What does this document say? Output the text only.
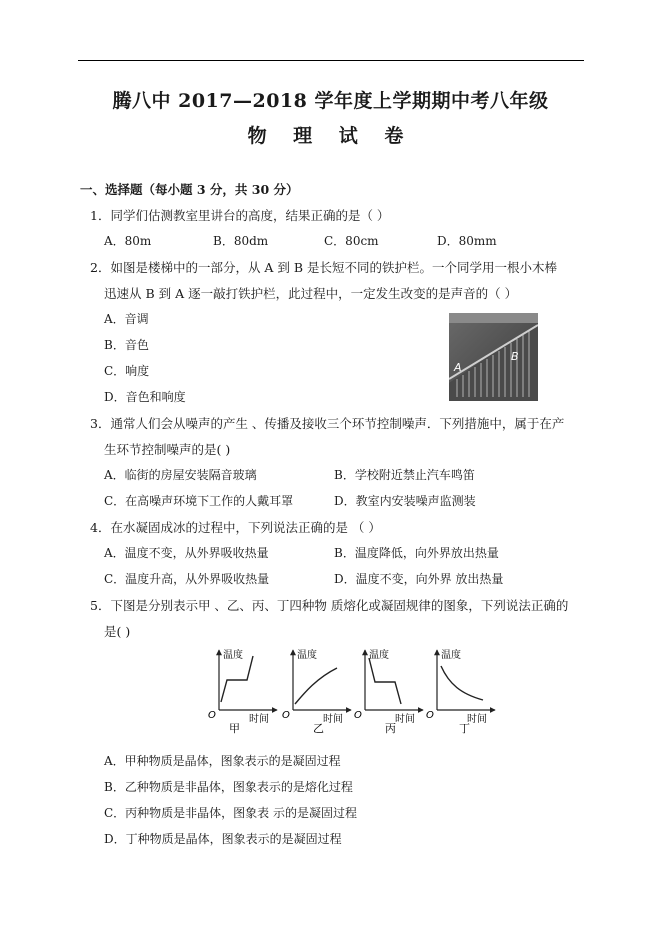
腾八中 2017—2018 学年度上学期期中考八年级
物 理 试 卷
一、选择题（每小题 3 分，共 30 分）
1．同学们估测教室里讲台的高度，结果正确的是（ ）
A．80m	B．80dm	C．80cm	D．80mm
2．如图是楼梯中的一部分，从 A 到 B 是长短不同的铁护栏。一个同学用一根小木棒
迅速从 B 到 A 逐一敲打铁护栏，此过程中，一定发生改变的是声音的（ ）
A．音调
B．音色
C．响度
D．音色和响度
A
B
3．通常人们会从噪声的产生 、传播及接收三个环节控制噪声．下列措施中，属于在产
生环节控制噪声的是( )
A．临街的房屋安装隔音玻璃	B．学校附近禁止汽车鸣笛
C．在高噪声环境下工作的人戴耳罩	D．教室内安装噪声监测装
4．在水凝固成冰的过程中，下列说法正确的是 （ ）
A．温度不变，从外界吸收热量	B．温度降低，向外界放出热量
C．温度升高，从外界吸收热量	D．温度不变，向外界 放出热量
5．下图是分别表示甲 、乙、丙、丁四种物 质熔化或凝固规律的图象，下列说法正确的
是( )
温度
O	时间
甲
温度
O	时间
乙
温度
O	时间
丙
温度
O	时间
丁
A．甲种物质是晶体，图象表示的是凝固过程
B．乙种物质是非晶体，图象表示的是熔化过程
C．丙种物质是非晶体，图象表 示的是凝固过程
D．丁种物质是晶体，图象表示的是凝固过程
